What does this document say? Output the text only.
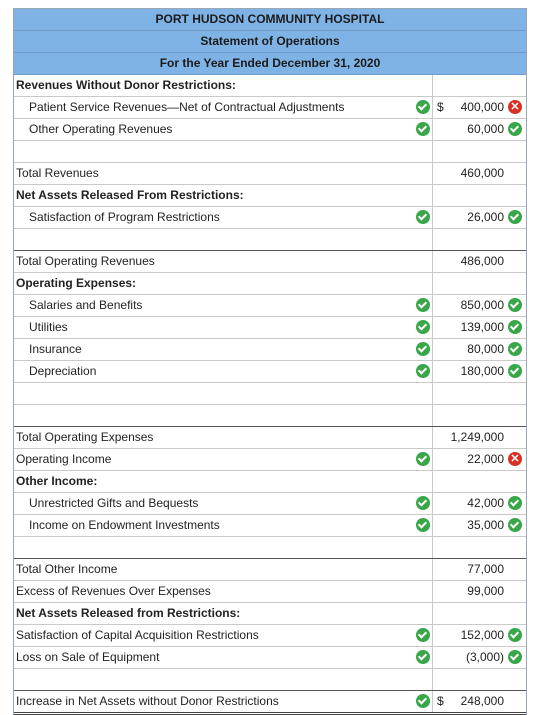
PORT HUDSON COMMUNITY HOSPITAL
Statement of Operations
For the Year Ended December 31, 2020
Revenues Without Donor Restrictions:
Patient Service Revenues—Net of Contractual Adjustments	$ 400,000 ✕
Other Operating Revenues	60,000
Total Revenues	460,000
Net Assets Released From Restrictions:
Satisfaction of Program Restrictions	26,000
Total Operating Revenues	486,000
Operating Expenses:
Salaries and Benefits	850,000
Utilities	139,000
Insurance	80,000
Depreciation	180,000
Total Operating Expenses	1,249,000
Operating Income	22,000 ✕
Other Income:
Unrestricted Gifts and Bequests	42,000
Income on Endowment Investments	35,000
Total Other Income	77,000
Excess of Revenues Over Expenses	99,000
Net Assets Released from Restrictions:
Satisfaction of Capital Acquisition Restrictions	152,000
Loss on Sale of Equipment	(3,000)
Increase in Net Assets without Donor Restrictions	$ 248,000
